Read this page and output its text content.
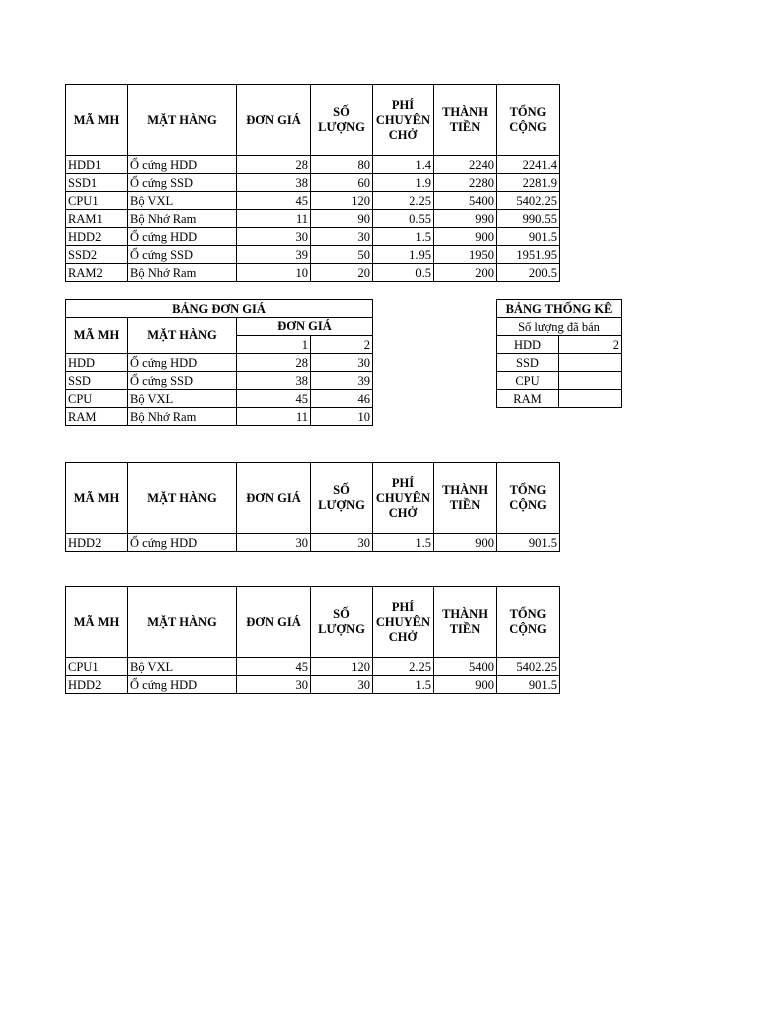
MÃ MH	MẶT HÀNG	ĐƠN GIÁ	SỐ LƯỢNG	PHÍ CHUYÊN CHỞ	THÀNH TIỀN	TỔNG CỘNG
HDD1	Ổ cứng HDD	28	80	1.4	2240	2241.4
SSD1	Ổ cứng SSD	38	60	1.9	2280	2281.9
CPU1	Bộ VXL	45	120	2.25	5400	5402.25
RAM1	Bộ Nhớ Ram	11	90	0.55	990	990.55
HDD2	Ổ cứng HDD	30	30	1.5	900	901.5
SSD2	Ổ cứng SSD	39	50	1.95	1950	1951.95
RAM2	Bộ Nhớ Ram	10	20	0.5	200	200.5
BẢNG ĐƠN GIÁ			
MÃ MH	MẶT HÀNG	ĐƠN GIÁ	
		1	2
HDD	Ổ cứng HDD	28	30
SSD	Ổ cứng SSD	38	39
CPU	Bộ VXL	45	46
RAM	Bộ Nhớ Ram	11	10
BẢNG THỐNG KÊ	
Số lượng đã bán	
HDD	2
SSD	
CPU	
RAM	
MÃ MH	MẶT HÀNG	ĐƠN GIÁ	SỐ LƯỢNG	PHÍ CHUYÊN CHỞ	THÀNH TIỀN	TỔNG CỘNG
HDD2	Ổ cứng HDD	30	30	1.5	900	901.5
MÃ MH	MẶT HÀNG	ĐƠN GIÁ	SỐ LƯỢNG	PHÍ CHUYÊN CHỞ	THÀNH TIỀN	TỔNG CỘNG
CPU1	Bộ VXL	45	120	2.25	5400	5402.25
HDD2	Ổ cứng HDD	30	30	1.5	900	901.5
